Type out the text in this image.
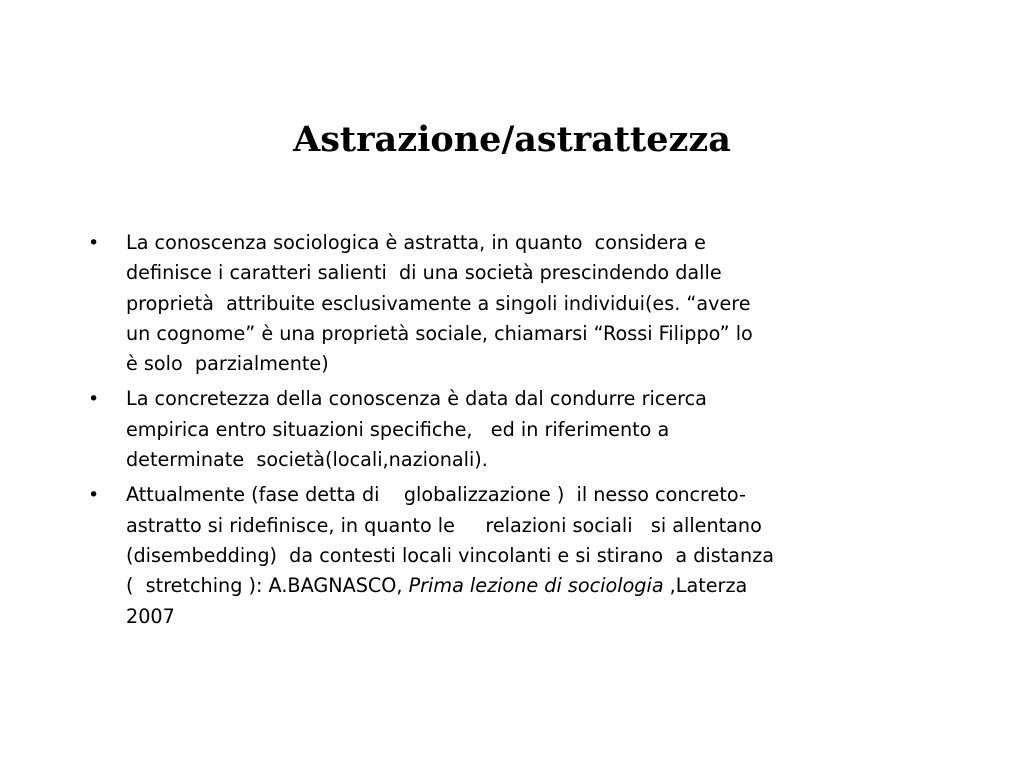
Astrazione/astrattezza
•	La conoscenza sociologica è astratta, in quanto  considera e
definisce i caratteri salienti  di una società prescindendo dalle
proprietà  attribuite esclusivamente a singoli individui(es. “avere
un cognome” è una proprietà sociale, chiamarsi “Rossi Filippo” lo
è solo  parzialmente)
•	La concretezza della conoscenza è data dal condurre ricerca
empirica entro situazioni specifiche,   ed in riferimento a
determinate  società(locali,nazionali).
•	Attualmente (fase detta di    globalizzazione )  il nesso concreto-
astratto si ridefinisce, in quanto le     relazioni sociali   si allentano
(disembedding)  da contesti locali vincolanti e si stirano  a distanza
(  stretching ): A.BAGNASCO, Prima lezione di sociologia ,Laterza
2007
